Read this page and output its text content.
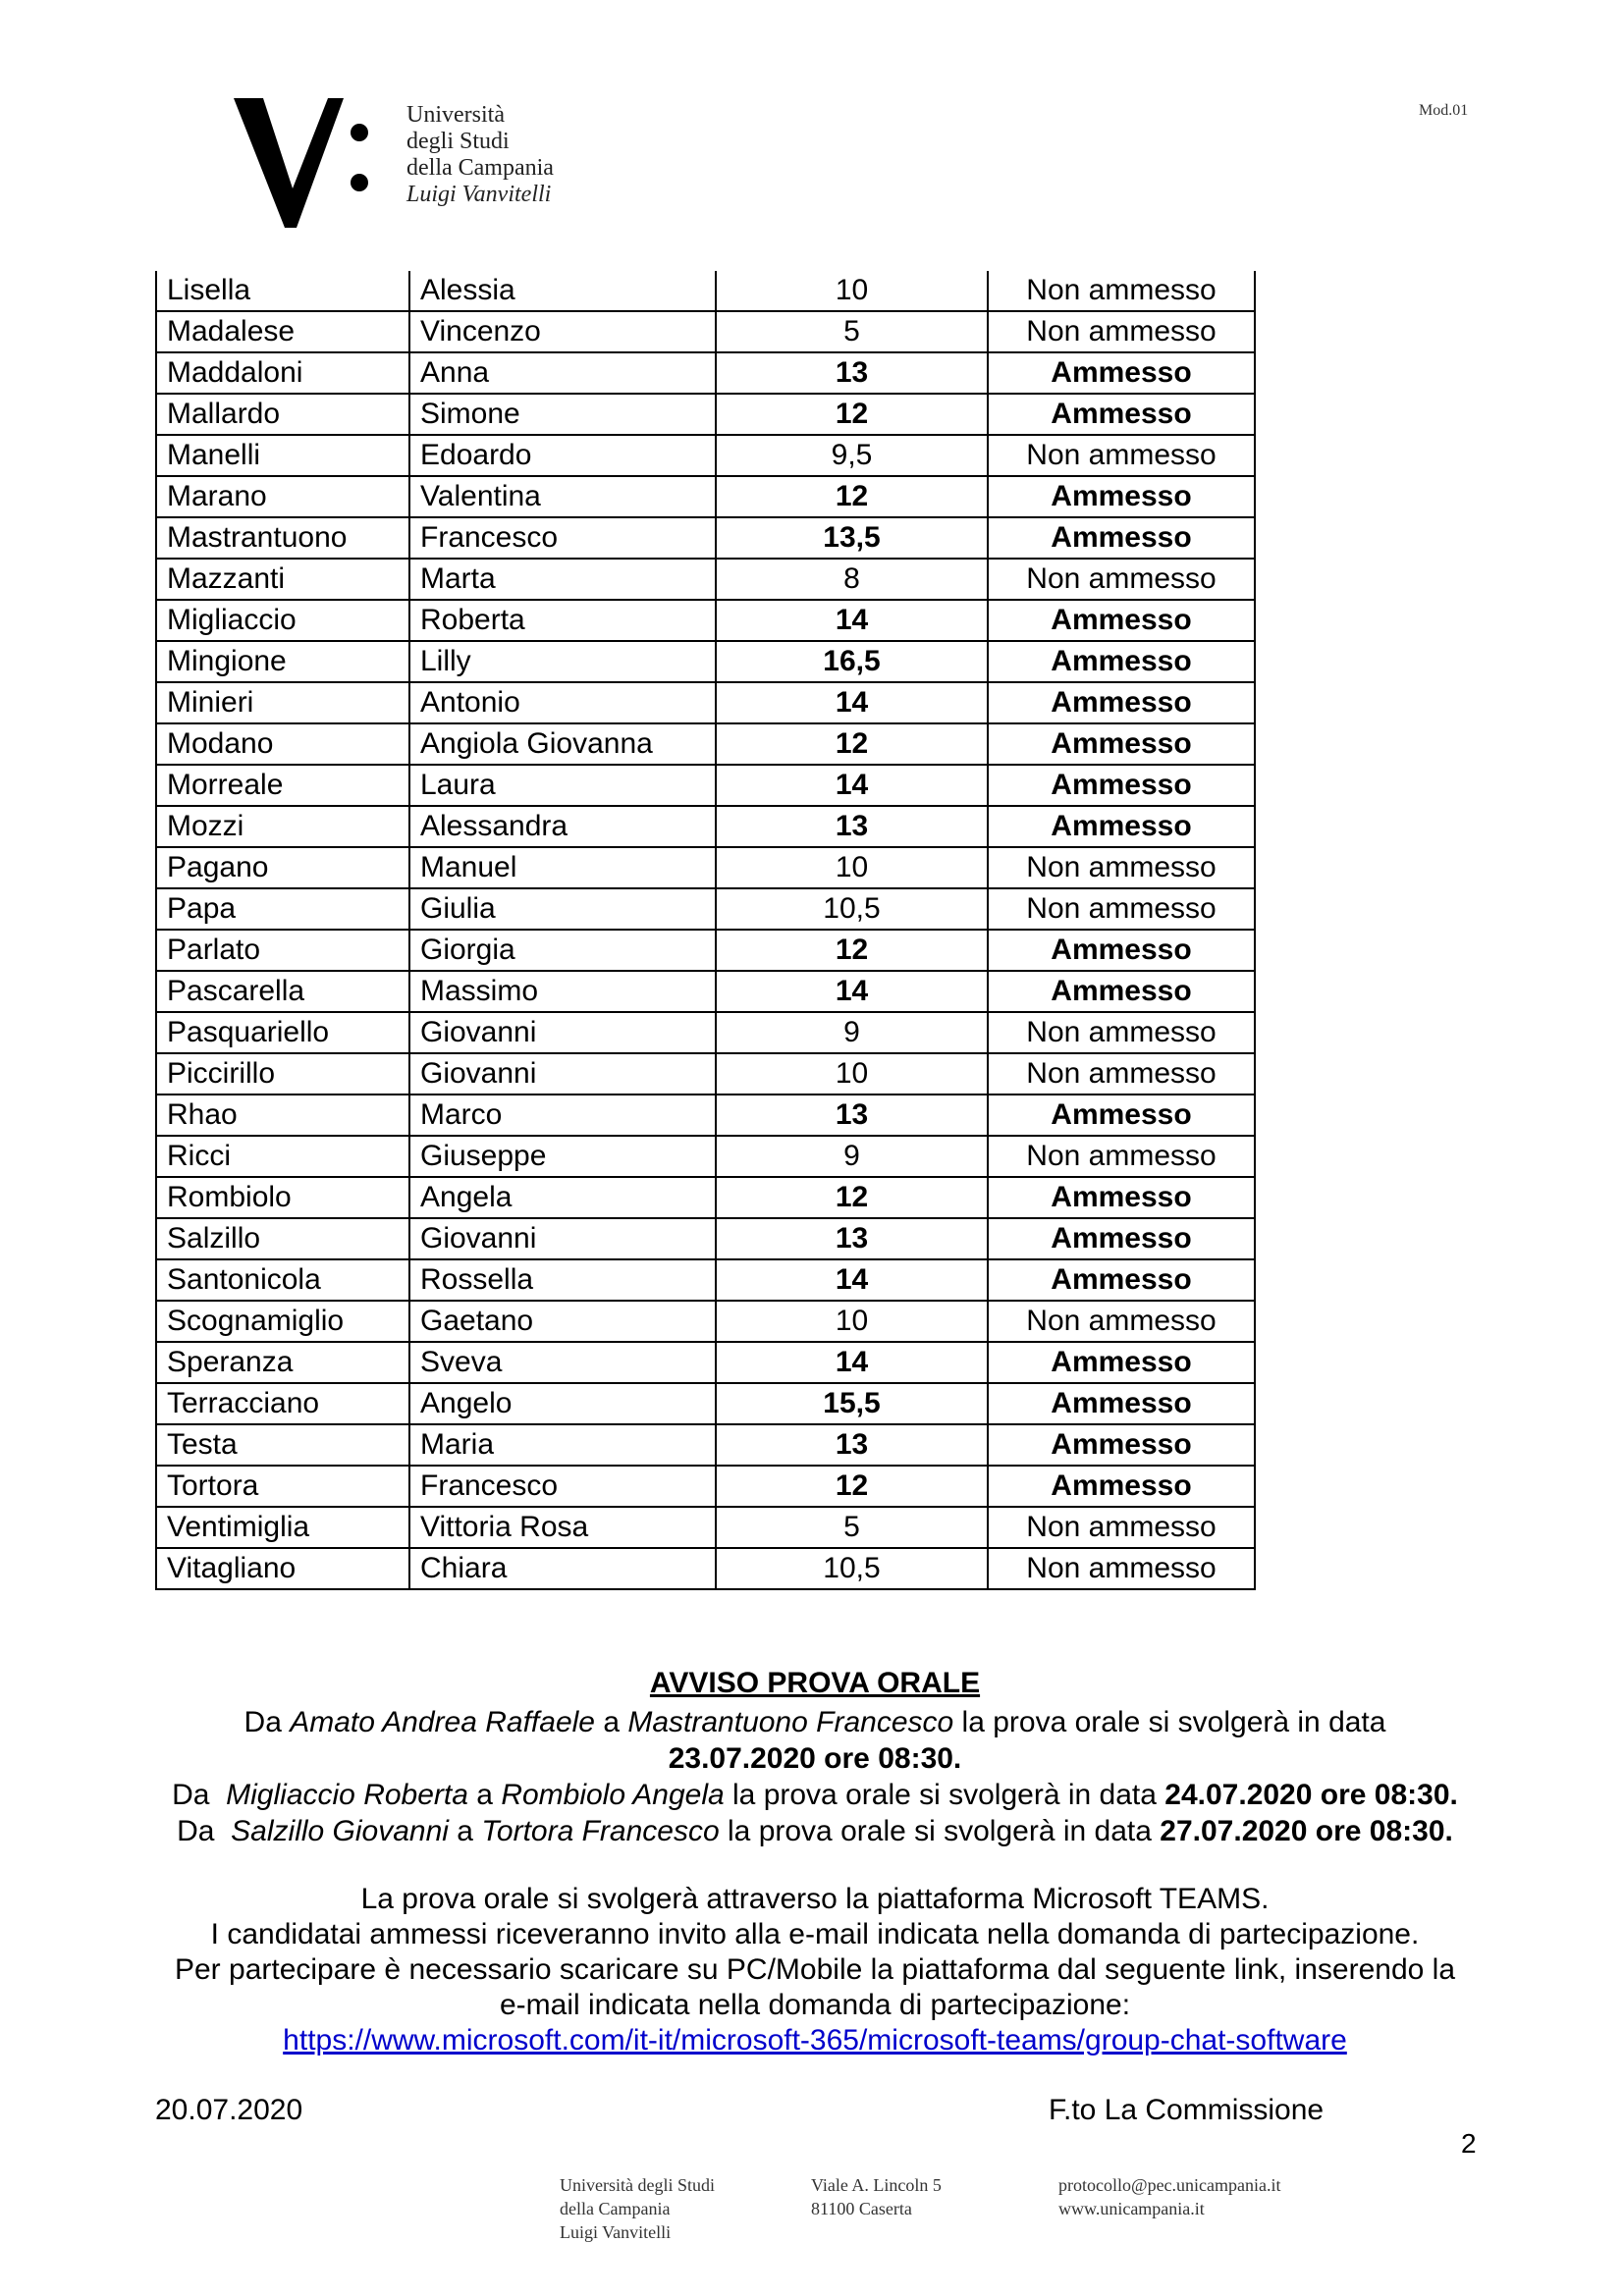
Università
degli Studi
della Campania
Luigi Vanvitelli
Mod.01
Lisella	Alessia	10	Non ammesso
Madalese	Vincenzo	5	Non ammesso
Maddaloni	Anna	13	Ammesso
Mallardo	Simone	12	Ammesso
Manelli	Edoardo	9,5	Non ammesso
Marano	Valentina	12	Ammesso
Mastrantuono	Francesco	13,5	Ammesso
Mazzanti	Marta	8	Non ammesso
Migliaccio	Roberta	14	Ammesso
Mingione	Lilly	16,5	Ammesso
Minieri	Antonio	14	Ammesso
Modano	Angiola Giovanna	12	Ammesso
Morreale	Laura	14	Ammesso
Mozzi	Alessandra	13	Ammesso
Pagano	Manuel	10	Non ammesso
Papa	Giulia	10,5	Non ammesso
Parlato	Giorgia	12	Ammesso
Pascarella	Massimo	14	Ammesso
Pasquariello	Giovanni	9	Non ammesso
Piccirillo	Giovanni	10	Non ammesso
Rhao	Marco	13	Ammesso
Ricci	Giuseppe	9	Non ammesso
Rombiolo	Angela	12	Ammesso
Salzillo	Giovanni	13	Ammesso
Santonicola	Rossella	14	Ammesso
Scognamiglio	Gaetano	10	Non ammesso
Speranza	Sveva	14	Ammesso
Terracciano	Angelo	15,5	Ammesso
Testa	Maria	13	Ammesso
Tortora	Francesco	12	Ammesso
Ventimiglia	Vittoria Rosa	5	Non ammesso
Vitagliano	Chiara	10,5	Non ammesso
AVVISO PROVA ORALE
Da Amato Andrea Raffaele a Mastrantuono Francesco la prova orale si svolgerà in data
23.07.2020 ore 08:30.
Da Migliaccio Roberta a Rombiolo Angela la prova orale si svolgerà in data 24.07.2020 ore 08:30.
Da Salzillo Giovanni a Tortora Francesco la prova orale si svolgerà in data 27.07.2020 ore 08:30.
La prova orale si svolgerà attraverso la piattaforma Microsoft TEAMS.
I candidatai ammessi riceveranno invito alla e-mail indicata nella domanda di partecipazione.
Per partecipare è necessario scaricare su PC/Mobile la piattaforma dal seguente link, inserendo la
e-mail indicata nella domanda di partecipazione:
https://www.microsoft.com/it-it/microsoft-365/microsoft-teams/group-chat-software
20.07.2020	F.to La Commissione
2
Università degli Studi
della Campania
Luigi Vanvitelli
Viale A. Lincoln 5
81100 Caserta
protocollo@pec.unicampania.it
www.unicampania.it
